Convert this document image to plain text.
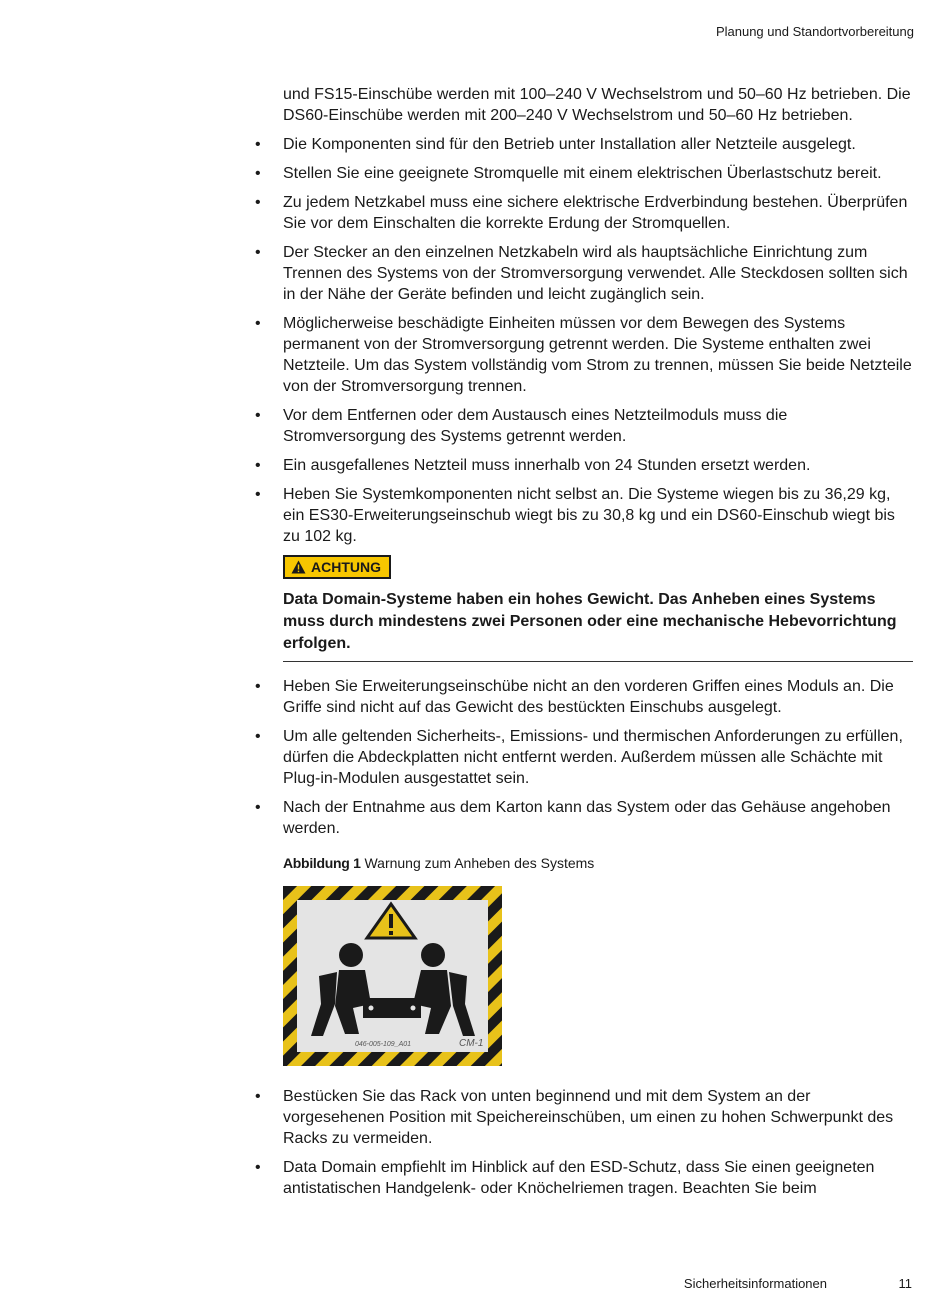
Planung und Standortvorbereitung

und FS15-Einschübe werden mit 100–240 V Wechselstrom und 50–60 Hz betrieben. Die DS60-Einschübe werden mit 200–240 V Wechselstrom und 50–60 Hz betrieben.

• Die Komponenten sind für den Betrieb unter Installation aller Netzteile ausgelegt.
• Stellen Sie eine geeignete Stromquelle mit einem elektrischen Überlastschutz bereit.
• Zu jedem Netzkabel muss eine sichere elektrische Erdverbindung bestehen. Überprüfen Sie vor dem Einschalten die korrekte Erdung der Stromquellen.
• Der Stecker an den einzelnen Netzkabeln wird als hauptsächliche Einrichtung zum Trennen des Systems von der Stromversorgung verwendet. Alle Steckdosen sollten sich in der Nähe der Geräte befinden und leicht zugänglich sein.
• Möglicherweise beschädigte Einheiten müssen vor dem Bewegen des Systems permanent von der Stromversorgung getrennt werden. Die Systeme enthalten zwei Netzteile. Um das System vollständig vom Strom zu trennen, müssen Sie beide Netzteile von der Stromversorgung trennen.
• Vor dem Entfernen oder dem Austausch eines Netzteilmoduls muss die Stromversorgung des Systems getrennt werden.
• Ein ausgefallenes Netzteil muss innerhalb von 24 Stunden ersetzt werden.
• Heben Sie Systemkomponenten nicht selbst an. Die Systeme wiegen bis zu 36,29 kg, ein ES30-Erweiterungseinschub wiegt bis zu 30,8 kg und ein DS60-Einschub wiegt bis zu 102 kg.
ACHTUNG

Data Domain-Systeme haben ein hohes Gewicht. Das Anheben eines Systems muss durch mindestens zwei Personen oder eine mechanische Hebevorrichtung erfolgen.

• Heben Sie Erweiterungseinschübe nicht an den vorderen Griffen eines Moduls an. Die Griffe sind nicht auf das Gewicht des bestückten Einschubs ausgelegt.
• Um alle geltenden Sicherheits-, Emissions- und thermischen Anforderungen zu erfüllen, dürfen die Abdeckplatten nicht entfernt werden. Außerdem müssen alle Schächte mit Plug-in-Modulen ausgestattet sein.
• Nach der Entnahme aus dem Karton kann das System oder das Gehäuse angehoben werden.
Abbildung 1 Warnung zum Anheben des Systems
046-005-109_A01	CM-1
• Bestücken Sie das Rack von unten beginnend und mit dem System an der vorgesehenen Position mit Speichereinschüben, um einen zu hohen Schwerpunkt des Racks zu vermeiden.
• Data Domain empfiehlt im Hinblick auf den ESD-Schutz, dass Sie einen geeigneten antistatischen Handgelenk- oder Knöchelriemen tragen. Beachten Sie beim
Sicherheitsinformationen	11
